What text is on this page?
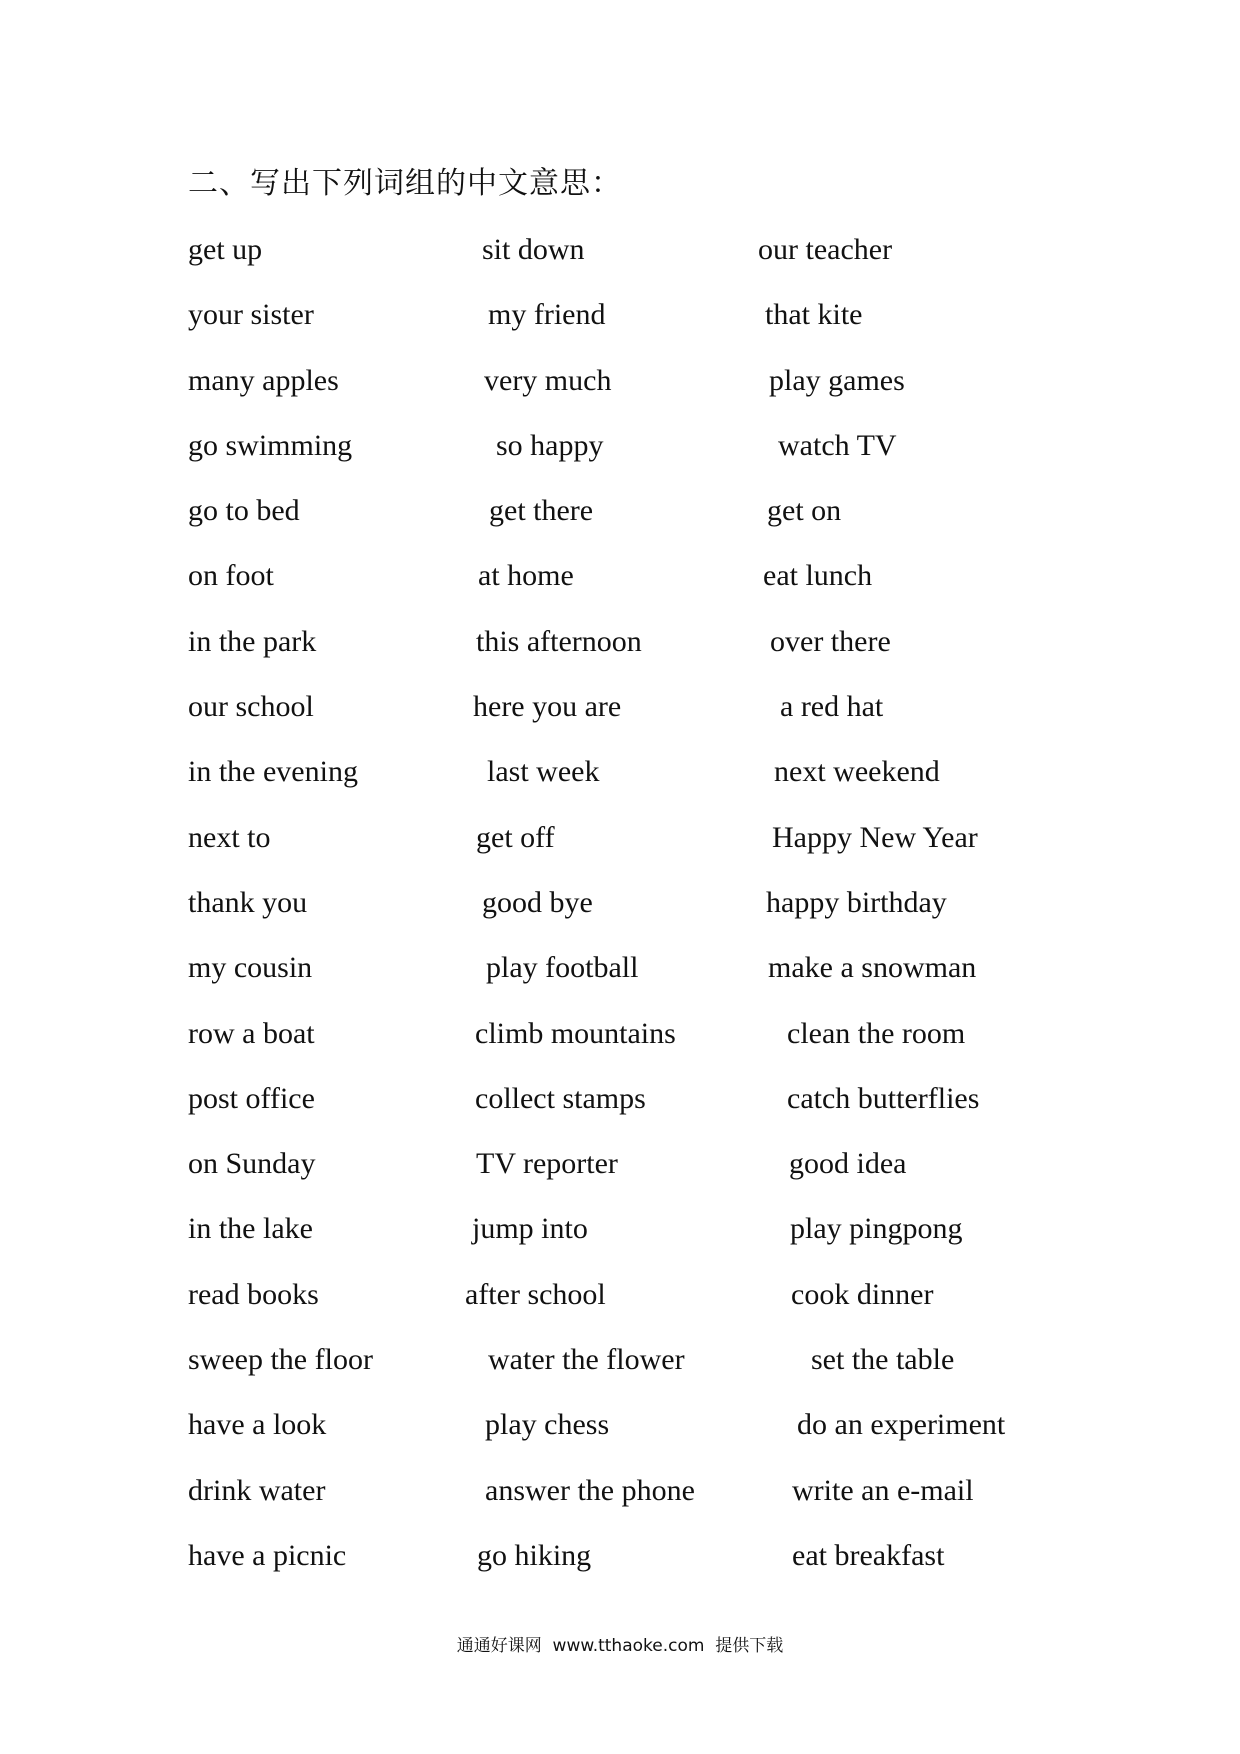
二、写出下列词组的中文意思：
get up	sit down	our teacher
your sister	my friend	that kite
many apples	very much	play games
go swimming	so happy	watch TV
go to bed	get there	get on
on foot	at home	eat lunch
in the park	this afternoon	over there
our school	here you are	a red hat
in the evening	last week	next weekend
next to	get off	Happy New Year
thank you	good bye	happy birthday
my cousin	play football	make a snowman
row a boat	climb mountains	clean the room
post office	collect stamps	catch butterflies
on Sunday	TV reporter	good idea
in the lake	jump into	play pingpong
read books	after school	cook dinner
sweep the floor	water the flower	set the table
have a look	play chess	do an experiment
drink water	answer the phone	write an e-mail
have a picnic	go hiking	eat breakfast
通通好课网  www.tthaoke.com  提供下载
